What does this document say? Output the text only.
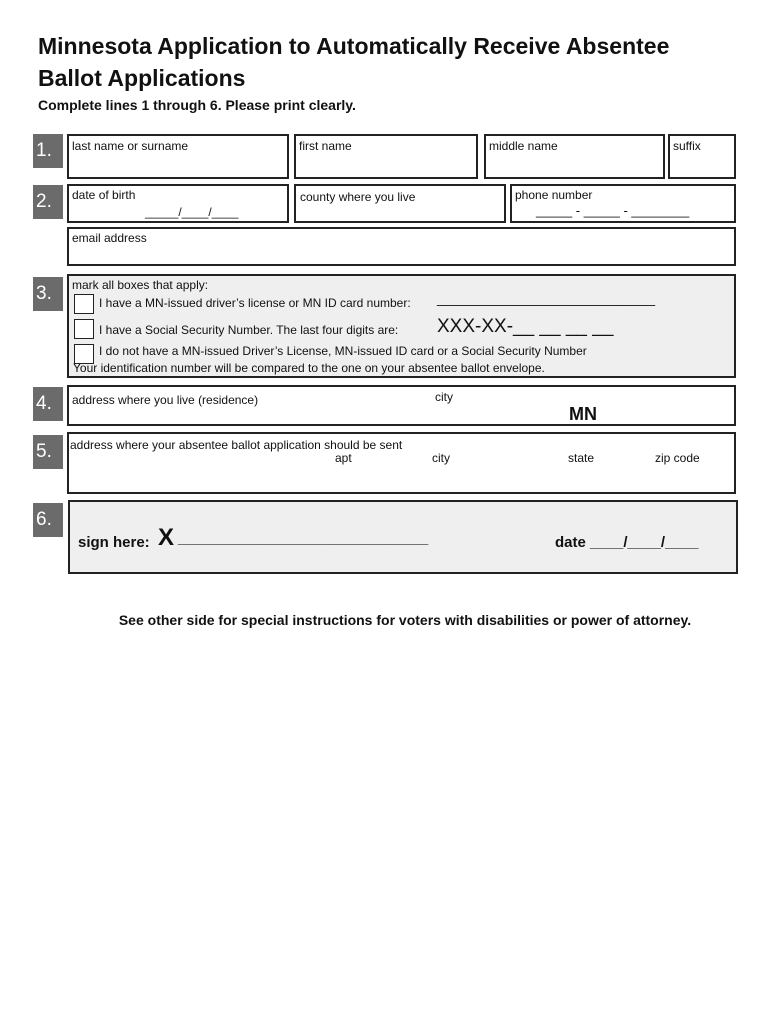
Minnesota Application to Automatically Receive Absentee Ballot Applications
Complete lines 1 through 6. Please print clearly.
1.	last name or surname	first name	middle name	suffix
2.	date of birth
_____/____/____
county where you live	phone number
_____ - _____ - ________
email address
3.	mark all boxes that apply:
I have a MN-issued driver’s license or MN ID card number: ____________________________
I have a Social Security Number. The last four digits are: XXX-XX-__ __ __ __
I do not have a MN-issued Driver’s License, MN-issued ID card or a Social Security Number
Your identification number will be compared to the one on your absentee ballot envelope.
4.	address where you live (residence)	city
MN
5.	address where your absentee ballot application should be sent
apt	city	state	zip code
6.
sign here: X ______________________________	date ____/____/____
See other side for special instructions for voters with disabilities or power of attorney.
